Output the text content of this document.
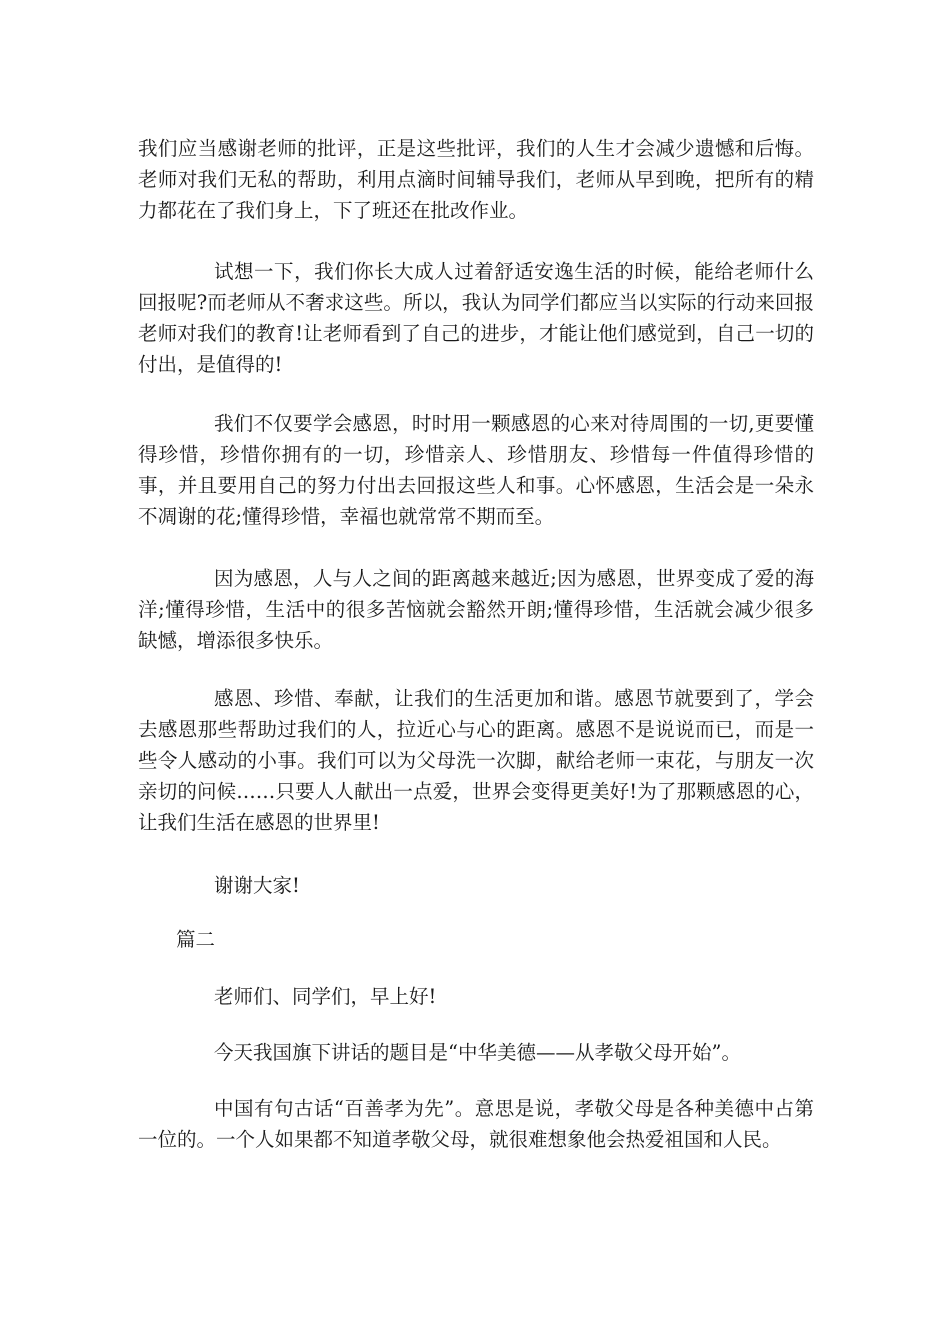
我们应当感谢老师的批评，正是这些批评，我们的人生才会减少遗憾和后悔。老师对我们无私的帮助，利用点滴时间辅导我们，老师从早到晚，把所有的精力都花在了我们身上，下了班还在批改作业。

试想一下，我们你长大成人过着舒适安逸生活的时候，能给老师什么回报呢?而老师从不奢求这些。所以，我认为同学们都应当以实际的行动来回报老师对我们的教育!让老师看到了自己的进步，才能让他们感觉到，自己一切的付出，是值得的!

我们不仅要学会感恩，时时用一颗感恩的心来对待周围的一切,更要懂得珍惜，珍惜你拥有的一切，珍惜亲人、珍惜朋友、珍惜每一件值得珍惜的事，并且要用自己的努力付出去回报这些人和事。心怀感恩，生活会是一朵永不凋谢的花;懂得珍惜，幸福也就常常不期而至。

因为感恩，人与人之间的距离越来越近;因为感恩，世界变成了爱的海洋;懂得珍惜，生活中的很多苦恼就会豁然开朗;懂得珍惜，生活就会减少很多缺憾，增添很多快乐。

感恩、珍惜、奉献，让我们的生活更加和谐。感恩节就要到了，学会去感恩那些帮助过我们的人，拉近心与心的距离。感恩不是说说而已，而是一些令人感动的小事。我们可以为父母洗一次脚，献给老师一束花，与朋友一次亲切的问候……只要人人献出一点爱，世界会变得更美好!为了那颗感恩的心，让我们生活在感恩的世界里!

谢谢大家!

篇二

老师们、同学们，早上好!

今天我国旗下讲话的题目是“中华美德——从孝敬父母开始”。

中国有句古话“百善孝为先”。意思是说，孝敬父母是各种美德中占第一位的。一个人如果都不知道孝敬父母，就很难想象他会热爱祖国和人民。
